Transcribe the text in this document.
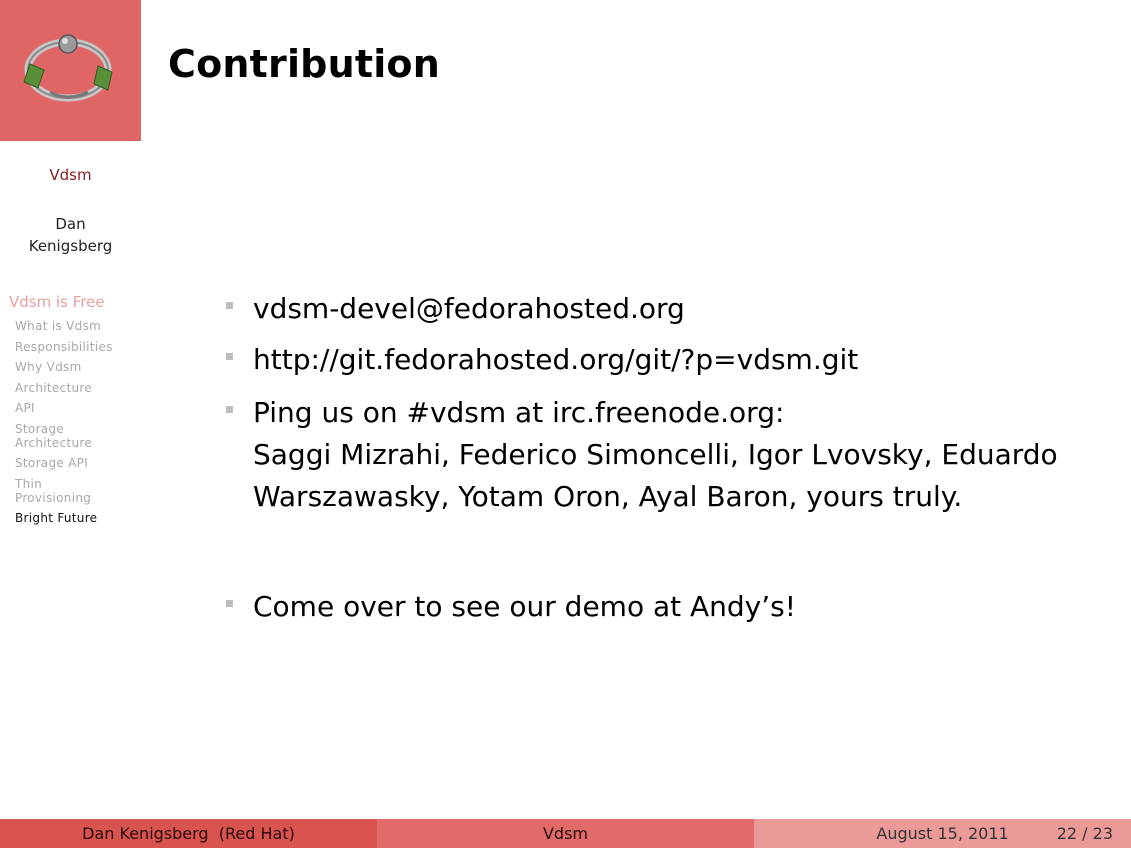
Contribution
Vdsm
Dan
Kenigsberg
Vdsm is Free
What is Vdsm
Responsibilities
Why Vdsm
Architecture
API
Storage Architecture
Storage API
Thin Provisioning
Bright Future
vdsm-devel@fedorahosted.org
http://git.fedorahosted.org/git/?p=vdsm.git
Ping us on #vdsm at irc.freenode.org:
Saggi Mizrahi, Federico Simoncelli, Igor Lvovsky, Eduardo
Warszawasky, Yotam Oron, Ayal Baron, yours truly.
Come over to see our demo at Andy’s!
Dan Kenigsberg  (Red Hat)	Vdsm	August 15, 2011	22 / 23
